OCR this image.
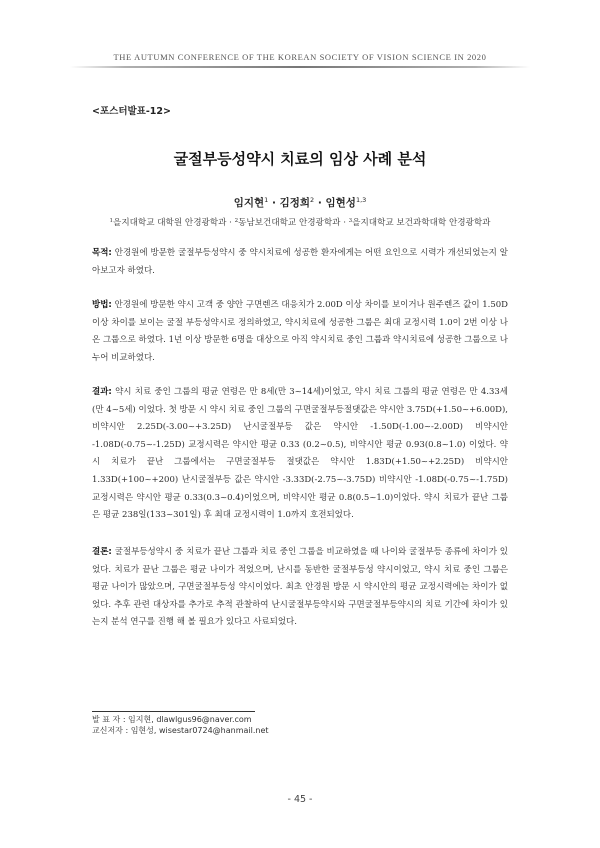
THE AUTUMN CONFERENCE OF THE KOREAN SOCIETY OF VISION SCIENCE IN 2020
<포스터발표-12>
굴절부등성약시 치료의 임상 사례 분석
임지현$^1$ · 김정희$^2$ · 임현성$^{1,3}$
$^1$을지대학교 대학원 안경광학과 · $^2$동남보건대학교 안경광학과 · $^3$을지대학교 보건과학대학 안경광학과
목적: 안경원에 방문한 굴절부등성약시 중 약시치료에 성공한 환자에게는 어떤 요인으로 시력가 개선되었는지 알아보고자 하였다.
방법: 안경원에 방문한 약시 고객 중 양안 구면렌즈 대응치가 2.00D 이상 차이를 보이거나 원주렌즈 값이 1.50D 이상 차이를 보이는 굴절 부등성약시로 정의하였고, 약시치료에 성공한 그룹은 최대 교정시력 1.0이 2번 이상 나온 그룹으로 하였다. 1년 이상 방문한 6명을 대상으로 아직 약시치료 중인 그룹과 약시치료에 성공한 그룹으로 나누어 비교하였다.
결과: 약시 치료 중인 그룹의 평균 연령은 만 8세(만 3~14세)이었고, 약시 치료 그룹의 평균 연령은 만 4.33세(만 4~5세) 이었다. 첫 방문 시 약시 치료 중인 그룹의 구면굴절부등절댓값은 약시안 3.75D(+1.50~+6.00D), 비약시안 2.25D(-3.00~+3.25D) 난시굴절부등 값은 약시안 -1.50D(-1.00~-2.00D) 비약시안 -1.08D(-0.75~-1.25D) 교정시력은 약시안 평균 0.33 (0.2~0.5), 비약시안 평균 0.93(0.8~1.0) 이었다. 약시 치료가 끝난 그룹에서는 구면굴절부등 절댓값은 약시안 1.83D(+1.50~+2.25D) 비약시안 1.33D(+100~+200) 난시굴절부등 값은 약시안 -3.33D(-2.75~-3.75D) 비약시안 -1.08D(-0.75~-1.75D) 교정시력은 약시안 평균 0.33(0.3~0.4)이었으며, 비약시안 평균 0.8(0.5~1.0)이었다. 약시 치료가 끝난 그룹은 평균 238일(133~301일) 후 최대 교정시력이 1.0까지 호전되었다.
결론: 굴절부등성약시 중 치료가 끝난 그룹과 치료 중인 그룹을 비교하였을 때 나이와 굴절부등 종류에 차이가 있었다. 치료가 끝난 그룹은 평균 나이가 적었으며, 난시를 동반한 굴절부등성 약시이었고, 약시 치료 중인 그룹은 평균 나이가 많았으며, 구면굴절부등성 약시이었다. 최초 안경원 방문 시 약시안의 평균 교정시력에는 차이가 없었다. 추후 관련 대상자를 추가로 추적 관찰하여 난시굴절부등약시와 구면굴절부등약시의 치료 기간에 차이가 있는지 분석 연구를 진행 해 볼 필요가 있다고 사료되었다.
발 표 자 : 임지현, dlawlgus96@naver.com
교신저자 : 임현성, wisestar0724@hanmail.net
- 45 -
